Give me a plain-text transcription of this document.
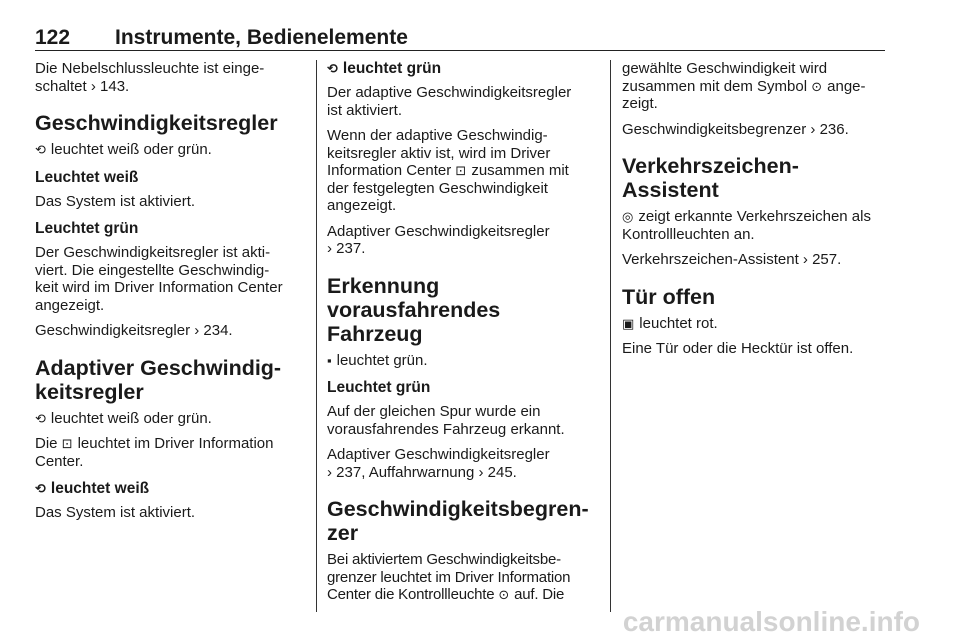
122 Instrumente, Bedienelemente

Die Nebelschlussleuchte ist einge-
schaltet › 143.

Geschwindigkeitsregler

⟲ leuchtet weiß oder grün.

Leuchtet weiß

Das System ist aktiviert.

Leuchtet grün

Der Geschwindigkeitsregler ist akti-
viert. Die eingestellte Geschwindig-
keit wird im Driver Information Center
angezeigt.

Geschwindigkeitsregler › 234.

Adaptiver Geschwindig-
keitsregler

⟲ leuchtet weiß oder grün.

Die ⊡ leuchtet im Driver Information
Center.

⟲ leuchtet weiß

Das System ist aktiviert.

⟲ leuchtet grün

Der adaptive Geschwindigkeitsregler
ist aktiviert.

Wenn der adaptive Geschwindig-
keitsregler aktiv ist, wird im Driver
Information Center ⊡ zusammen mit
der festgelegten Geschwindigkeit
angezeigt.

Adaptiver Geschwindigkeitsregler
› 237.

Erkennung
vorausfahrendes Fahrzeug

▪ leuchtet grün.

Leuchtet grün

Auf der gleichen Spur wurde ein
vorausfahrendes Fahrzeug erkannt.

Adaptiver Geschwindigkeitsregler
› 237, Auffahrwarnung › 245.

Geschwindigkeitsbegren-
zer

Bei aktiviertem Geschwindigkeitsbe-
grenzer leuchtet im Driver Information
Center die Kontrollleuchte ⊙ auf. Die

gewählte Geschwindigkeit wird
zusammen mit dem Symbol ⊙ ange-
zeigt.

Geschwindigkeitsbegrenzer › 236.

Verkehrszeichen-Assistent

◎ zeigt erkannte Verkehrszeichen als
Kontrollleuchten an.

Verkehrszeichen-Assistent › 257.

Tür offen

▣ leuchtet rot.

Eine Tür oder die Hecktür ist offen.

carmanualsonline.info
